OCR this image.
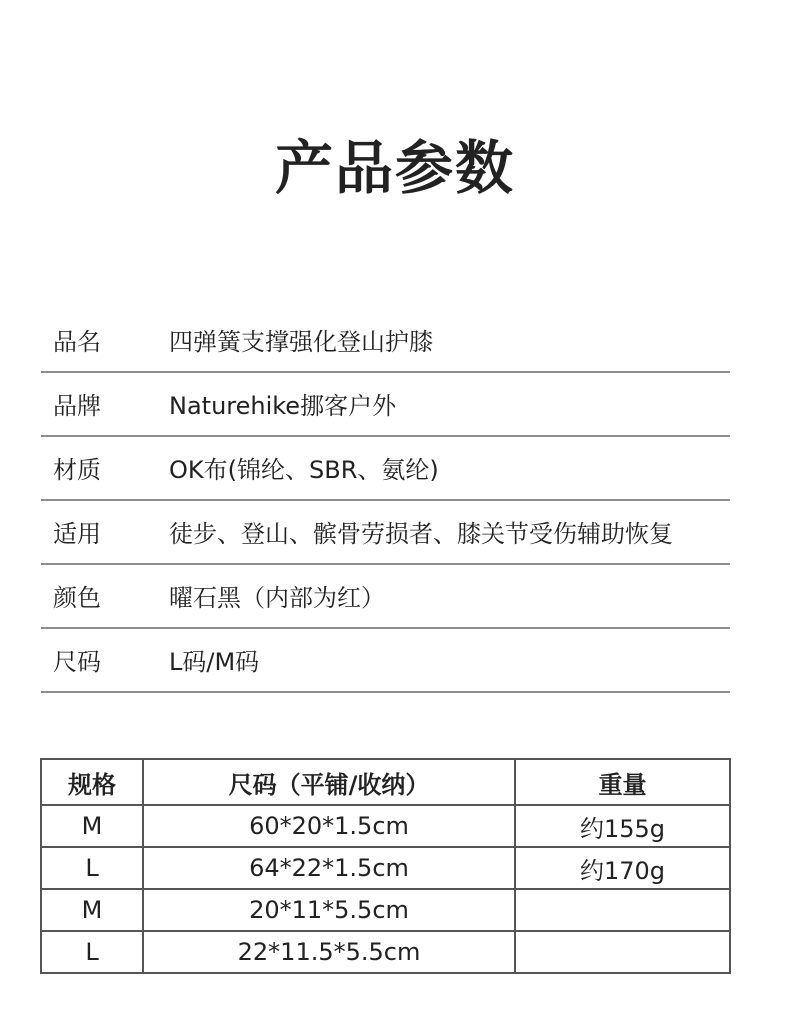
产品参数
品名	四弹簧支撑强化登山护膝
品牌	Naturehike挪客户外
材质	OK布(锦纶、SBR、氨纶)
适用	徒步、登山、髌骨劳损者、膝关节受伤辅助恢复
颜色	曜石黑（内部为红）
尺码	L码/M码
规格	尺码（平铺/收纳）	重量
M	60*20*1.5cm	约155g
L	64*22*1.5cm	约170g
M	20*11*5.5cm	
L	22*11.5*5.5cm	
